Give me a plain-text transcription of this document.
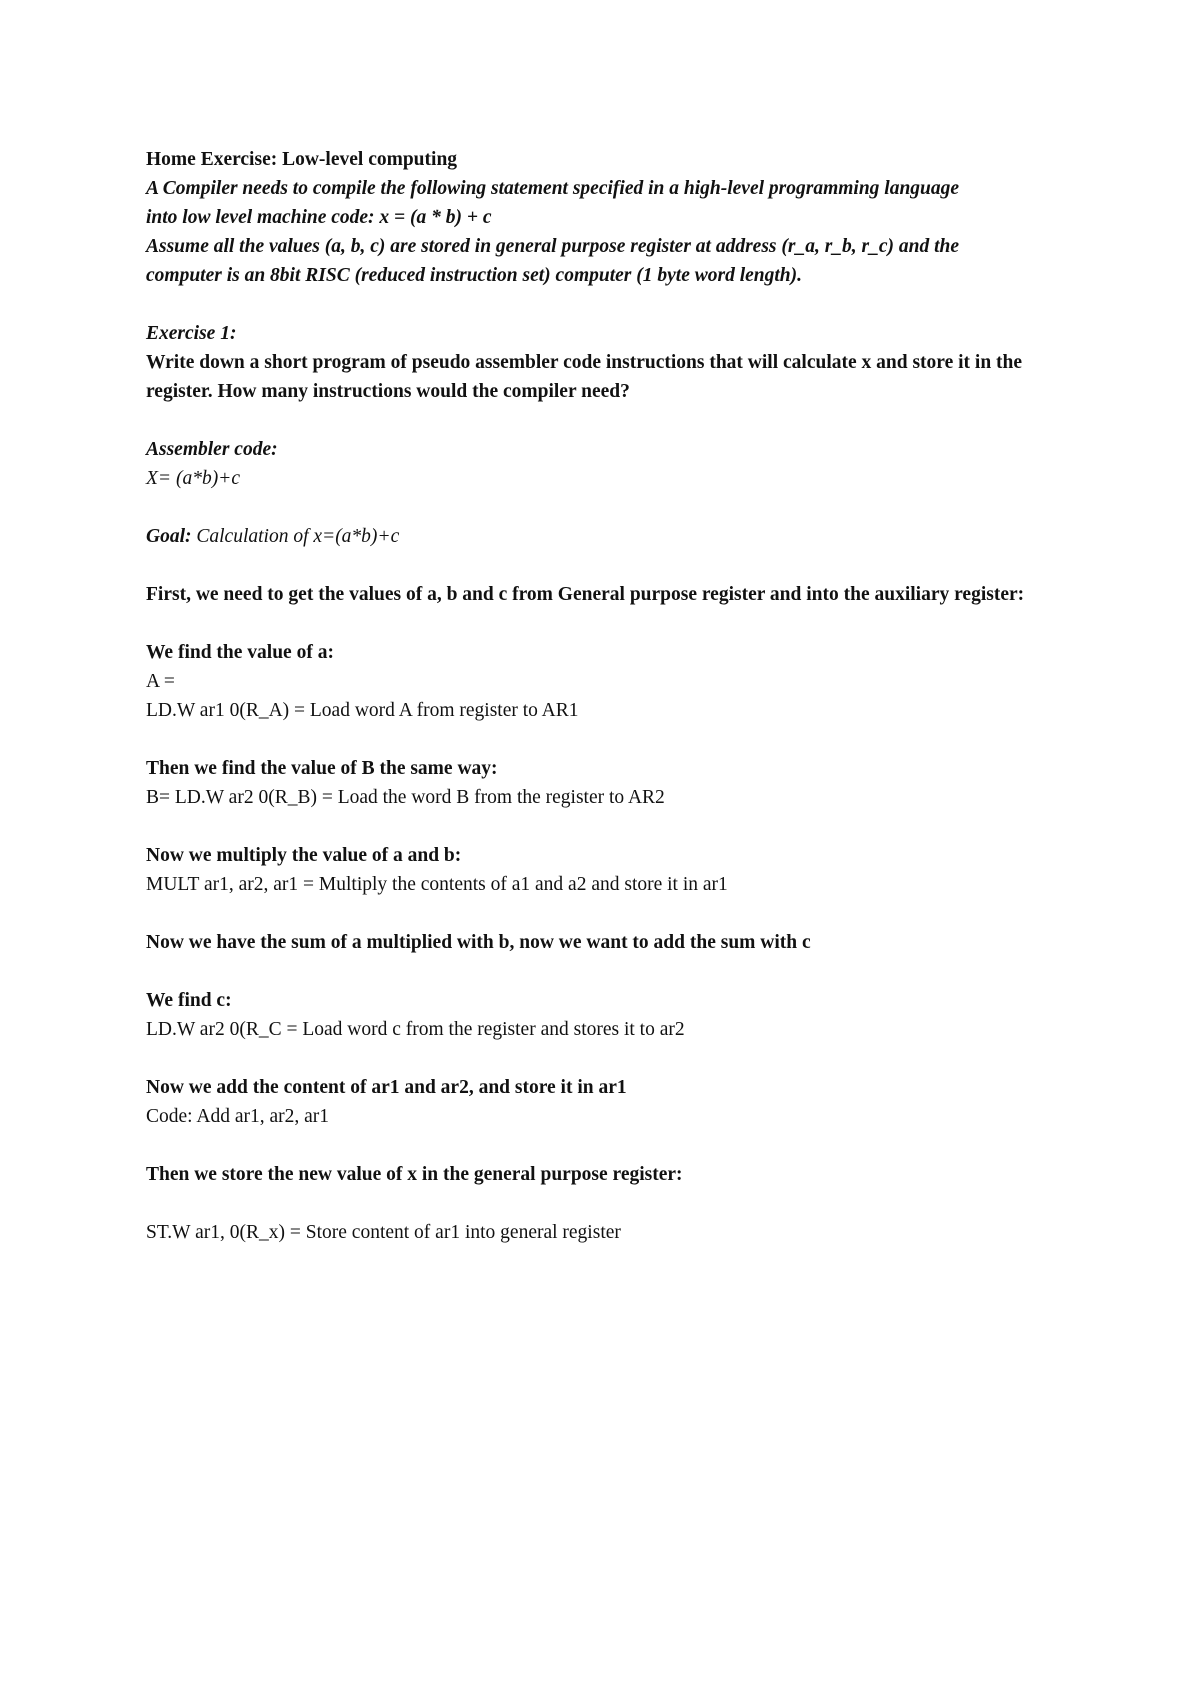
Home Exercise: Low-level computing

A Compiler needs to compile the following statement specified in a high-level programming language into low level machine code: x = (a * b) + c

Assume all the values (a, b, c) are stored in general purpose register at address (r_a, r_b, r_c) and the computer is an 8bit RISC (reduced instruction set) computer (1 byte word length).

Exercise 1:

Write down a short program of pseudo assembler code instructions that will calculate x and store it in the register. How many instructions would the compiler need?

Assembler code:

X= (a*b)+c

Goal: Calculation of x=(a*b)+c

First, we need to get the values of a, b and c from General purpose register and into the auxiliary register:

We find the value of a:

A =

LD.W ar1 0(R_A) = Load word A from register to AR1

Then we find the value of B the same way:

B= LD.W ar2 0(R_B) = Load the word B from the register to AR2

Now we multiply the value of a and b:

MULT ar1, ar2, ar1 = Multiply the contents of a1 and a2 and store it in ar1

Now we have the sum of a multiplied with b, now we want to add the sum with c

We find c:

LD.W ar2 0(R_C = Load word c from the register and stores it to ar2

Now we add the content of ar1 and ar2, and store it in ar1

Code: Add ar1, ar2, ar1

Then we store the new value of x in the general purpose register:

ST.W ar1, 0(R_x) = Store content of ar1 into general register
